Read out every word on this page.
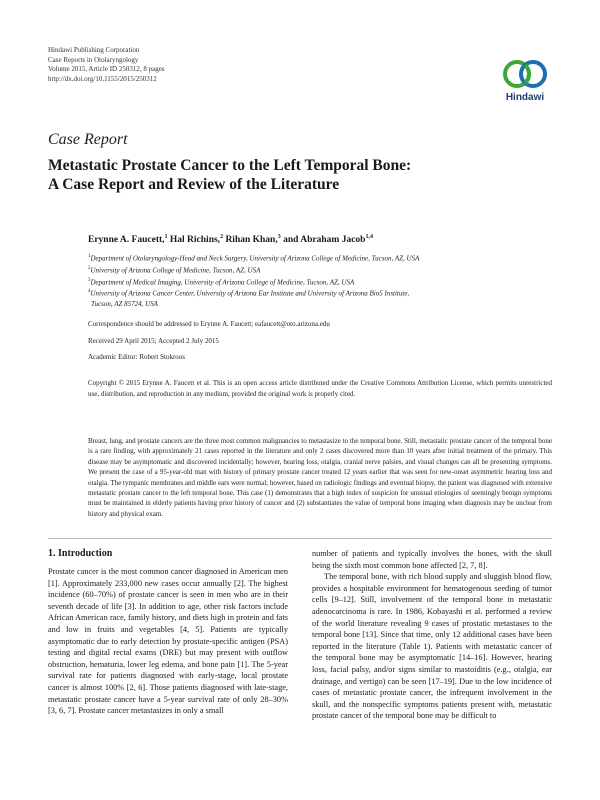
Hindawi Publishing Corporation
Case Reports in Otolaryngology
Volume 2015, Article ID 250312, 8 pages
http://dx.doi.org/10.1155/2015/250312
Hindawi
Case Report
Metastatic Prostate Cancer to the Left Temporal Bone:
A Case Report and Review of the Literature
Erynne A. Faucett,$^1$ Hal Richins,$^2$ Rihan Khan,$^3$ and Abraham Jacob$^{1,4}$
$^1$Department of Otolaryngology-Head and Neck Surgery, University of Arizona College of Medicine, Tucson, AZ, USA
$^2$University of Arizona College of Medicine, Tucson, AZ, USA
$^3$Department of Medical Imaging, University of Arizona College of Medicine, Tucson, AZ, USA
$^4$University of Arizona Cancer Center, University of Arizona Ear Institute and University of Arizona Bio5 Institute,
Tucson, AZ 85724, USA
Correspondence should be addressed to Erynne A. Faucett; eafaucett@oto.arizona.edu
Received 29 April 2015; Accepted 2 July 2015
Academic Editor: Robert Stokroos
Copyright © 2015 Erynne A. Faucett et al. This is an open access article distributed under the Creative Commons Attribution License, which permits unrestricted use, distribution, and reproduction in any medium, provided the original work is properly cited.
Breast, lung, and prostate cancers are the three most common malignancies to metastasize to the temporal bone. Still, metastatic prostate cancer of the temporal bone is a rare finding, with approximately 21 cases reported in the literature and only 2 cases discovered more than 10 years after initial treatment of the primary. This disease may be asymptomatic and discovered incidentally; however, hearing loss, otalgia, cranial nerve palsies, and visual changes can all be presenting symptoms. We present the case of a 95-year-old man with history of primary prostate cancer treated 12 years earlier that was seen for new-onset asymmetric hearing loss and otalgia. The tympanic membranes and middle ears were normal; however, based on radiologic findings and eventual biopsy, the patient was diagnosed with extensive metastatic prostate cancer to the left temporal bone. This case (1) demonstrates that a high index of suspicion for unusual etiologies of seemingly benign symptoms must be maintained in elderly patients having prior history of cancer and (2) substantiates the value of temporal bone imaging when diagnosis may be unclear from history and physical exam.
1. Introduction

Prostate cancer is the most common cancer diagnosed in American men [1]. Approximately 233,000 new cases occur annually [2]. The highest incidence (60–70%) of prostate cancer is seen in men who are in their seventh decade of life [3]. In addition to age, other risk factors include African American race, family history, and diets high in protein and fats and low in fruits and vegetables [4, 5]. Patients are typically asymptomatic due to early detection by prostate-specific antigen (PSA) testing and digital rectal exams (DRE) but may present with outflow obstruction, hematuria, lower leg edema, and bone pain [1]. The 5-year survival rate for patients diagnosed with early-stage, local prostate cancer is almost 100% [2, 6]. Those patients diagnosed with late-stage, metastatic prostate cancer have a 5-year survival rate of only 28–30% [3, 6, 7]. Prostate cancer metastasizes in only a small

number of patients and typically involves the bones, with the skull being the sixth most common bone affected [2, 7, 8].

The temporal bone, with rich blood supply and sluggish blood flow, provides a hospitable environment for hematogenous seeding of tumor cells [9–12]. Still, involvement of the temporal bone in metastatic adenocarcinoma is rare. In 1986, Kobayashi et al. performed a review of the world literature revealing 9 cases of prostatic metastases to the temporal bone [13]. Since that time, only 12 additional cases have been reported in the literature (Table 1). Patients with metastatic cancer of the temporal bone may be asymptomatic [14–16]. However, hearing loss, facial palsy, and/or signs similar to mastoiditis (e.g., otalgia, ear drainage, and vertigo) can be seen [17–19]. Due to the low incidence of cases of metastatic prostate cancer, the infrequent involvement in the skull, and the nonspecific symptoms patients present with, metastatic prostate cancer of the temporal bone may be difficult to
